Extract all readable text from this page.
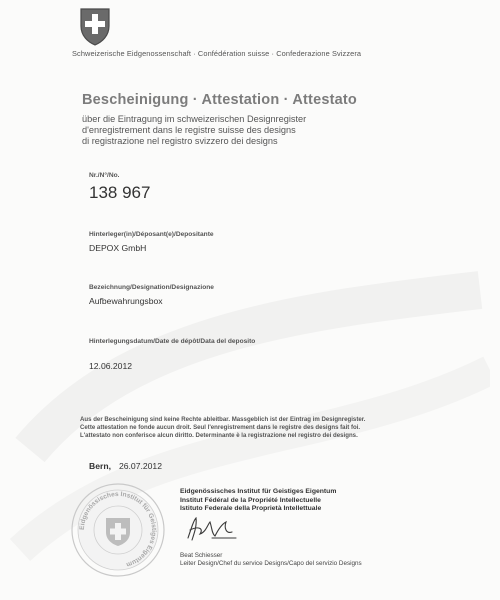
Schweizerische Eidgenossenschaft · Confédération suisse · Confederazione Svizzera
Bescheinigung · Attestation · Attestato
über die Eintragung im schweizerischen Designregister
d'enregistrement dans le registre suisse des designs
di registrazione nel registro svizzero dei designs
Nr./N°/No.
138 967
Hinterleger(in)/Déposant(e)/Depositante
DEPOX GmbH
Bezeichnung/Designation/Designazione
Aufbewahrungsbox
Hinterlegungsdatum/Date de dépôt/Data del deposito
12.06.2012
Aus der Bescheinigung sind keine Rechte ableitbar. Massgeblich ist der Eintrag im Designregister.
Cette attestation ne fonde aucun droit. Seul l'enregistrement dans le registre des designs fait foi.
L'attestato non conferisce alcun diritto. Determinante è la registrazione nel registro dei designs.
Bern, 26.07.2012
Eidgenössisches Institut für Geistiges Eigentum
Eidgenössisches Institut für Geistiges Eigentum
Institut Fédéral de la Propriété Intellectuelle
Istituto Federale della Proprietà Intellettuale
Beat Schiesser
Leiter Design/Chef du service Designs/Capo del servizio Designs
